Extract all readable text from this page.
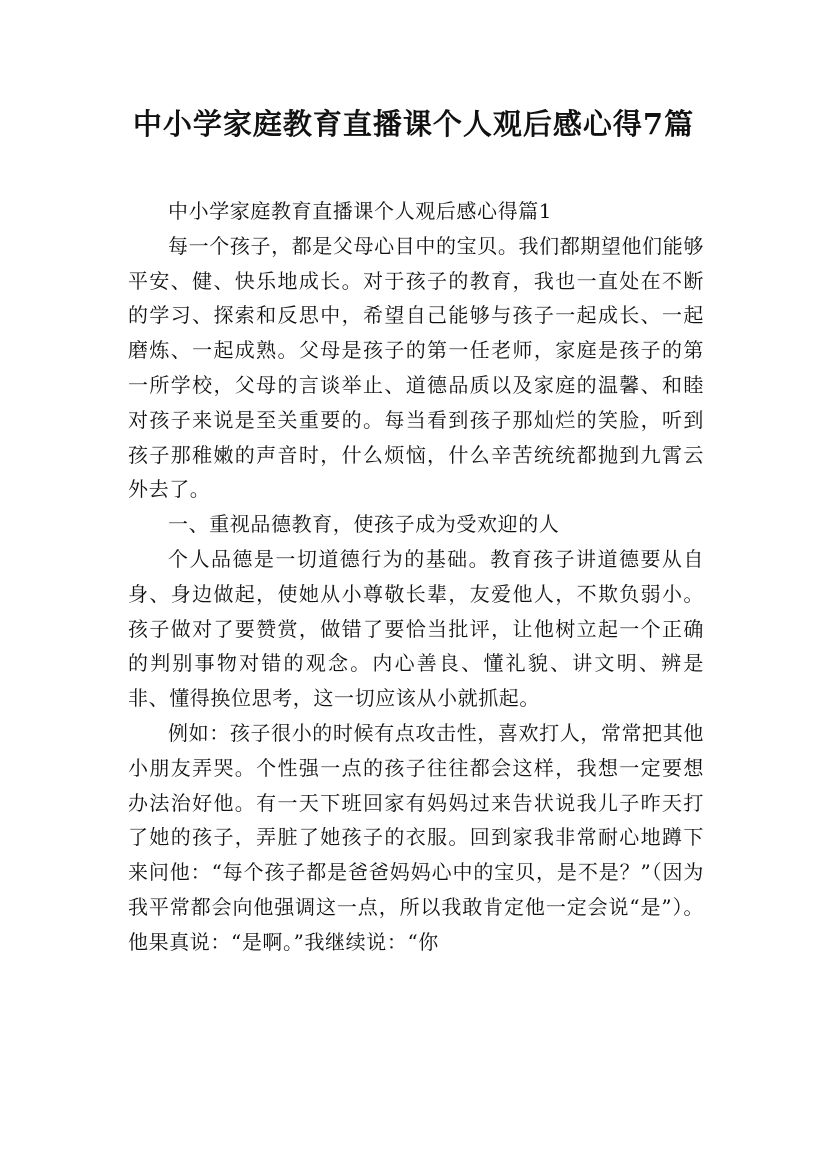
中小学家庭教育直播课个人观后感心得7篇
中小学家庭教育直播课个人观后感心得篇1

每一个孩子，都是父母心目中的宝贝。我们都期望他们能够平安、健、快乐地成长。对于孩子的教育，我也一直处在不断的学习、探索和反思中，希望自己能够与孩子一起成长、一起磨炼、一起成熟。父母是孩子的第一任老师，家庭是孩子的第一所学校，父母的言谈举止、道德品质以及家庭的温馨、和睦对孩子来说是至关重要的。每当看到孩子那灿烂的笑脸，听到孩子那稚嫩的声音时，什么烦恼，什么辛苦统统都抛到九霄云外去了。

一、重视品德教育，使孩子成为受欢迎的人

个人品德是一切道德行为的基础。教育孩子讲道德要从自身、身边做起，使她从小尊敬长辈，友爱他人，不欺负弱小。孩子做对了要赞赏，做错了要恰当批评，让他树立起一个正确的判别事物对错的观念。内心善良、懂礼貌、讲文明、辨是非、懂得换位思考，这一切应该从小就抓起。

例如：孩子很小的时候有点攻击性，喜欢打人，常常把其他小朋友弄哭。个性强一点的孩子往往都会这样，我想一定要想办法治好他。有一天下班回家有妈妈过来告状说我儿子昨天打了她的孩子，弄脏了她孩子的衣服。回到家我非常耐心地蹲下来问他：“每个孩子都是爸爸妈妈心中的宝贝，是不是？”（因为我平常都会向他强调这一点，所以我敢肯定他一定会说“是”）。他果真说：“是啊。”我继续说：“你
